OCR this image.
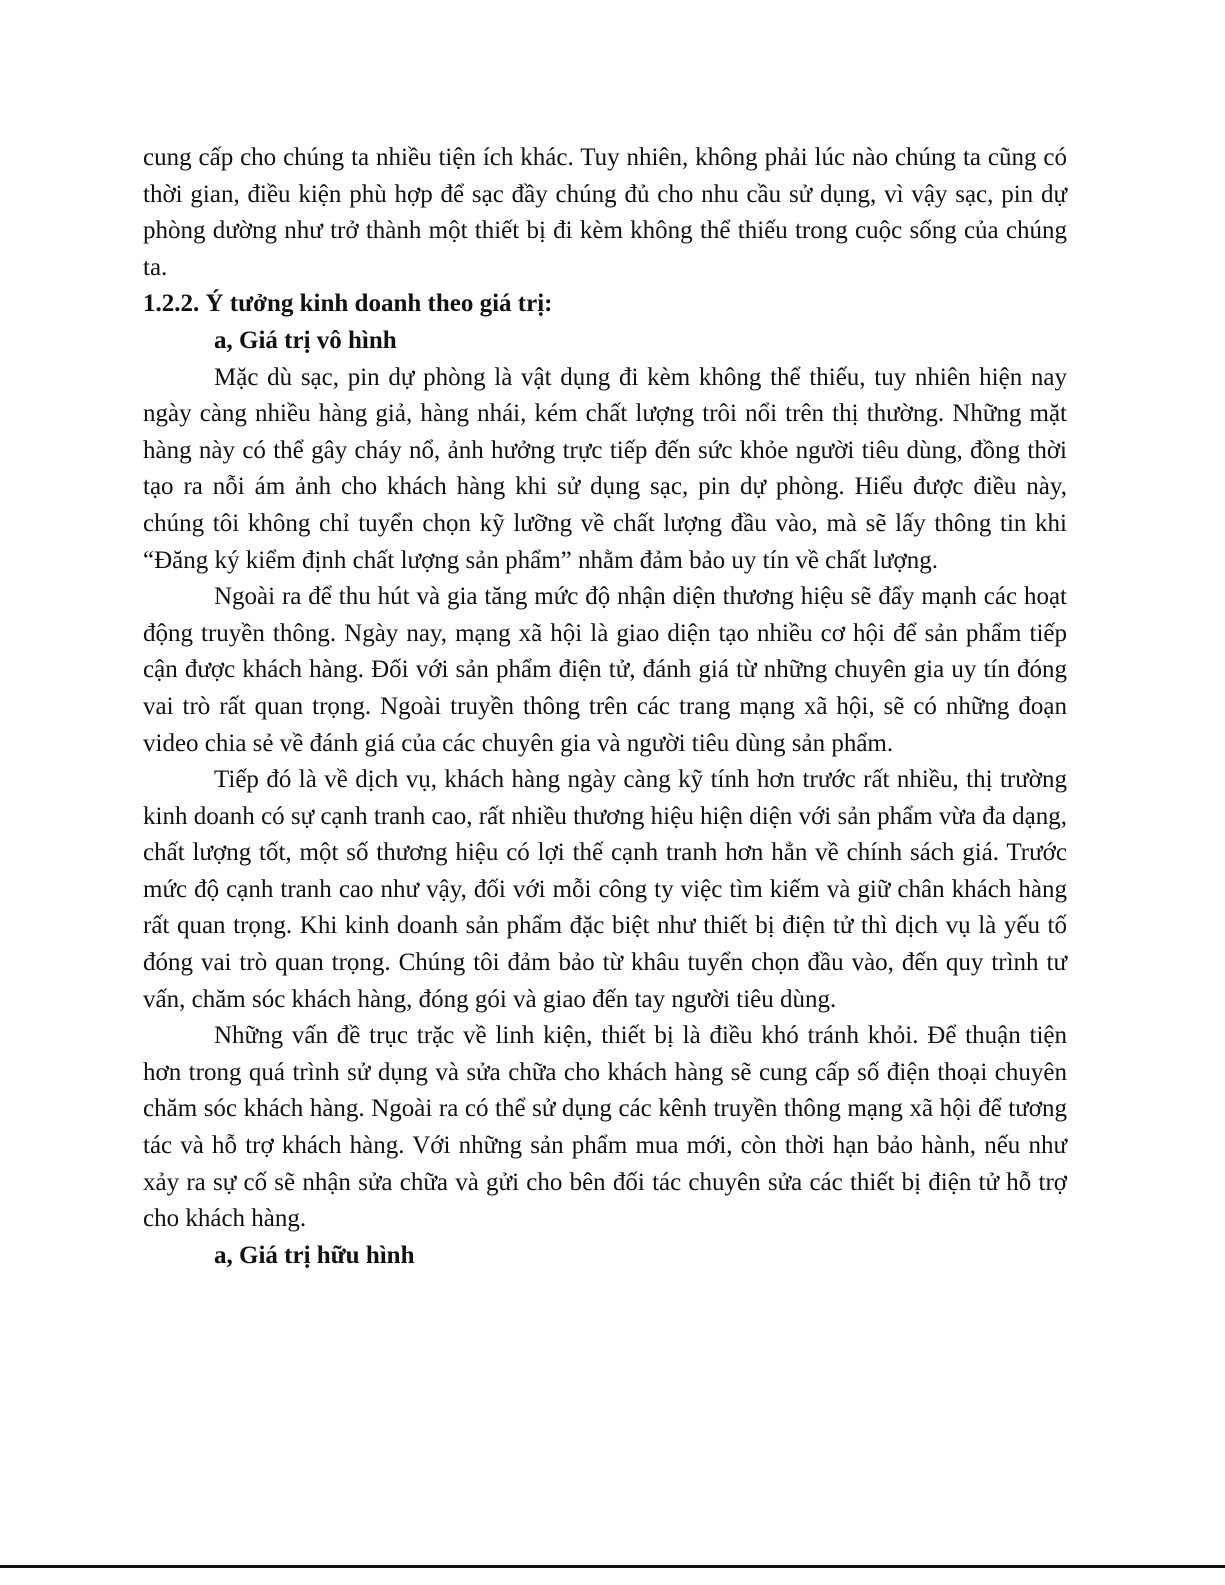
cung cấp cho chúng ta nhiều tiện ích khác. Tuy nhiên, không phải lúc nào chúng ta cũng có thời gian, điều kiện phù hợp để sạc đầy chúng đủ cho nhu cầu sử dụng, vì vậy sạc, pin dự phòng dường như trở thành một thiết bị đi kèm không thể thiếu trong cuộc sống của chúng ta.

1.2.2. Ý tưởng kinh doanh theo giá trị:

a, Giá trị vô hình

Mặc dù sạc, pin dự phòng là vật dụng đi kèm không thể thiếu, tuy nhiên hiện nay ngày càng nhiều hàng giả, hàng nhái, kém chất lượng trôi nổi trên thị thường. Những mặt hàng này có thể gây cháy nổ, ảnh hưởng trực tiếp đến sức khỏe người tiêu dùng, đồng thời tạo ra nỗi ám ảnh cho khách hàng khi sử dụng sạc, pin dự phòng. Hiểu được điều này, chúng tôi không chỉ tuyển chọn kỹ lưỡng về chất lượng đầu vào, mà sẽ lấy thông tin khi “Đăng ký kiểm định chất lượng sản phẩm” nhằm đảm bảo uy tín về chất lượng.

Ngoài ra để thu hút và gia tăng mức độ nhận diện thương hiệu sẽ đẩy mạnh các hoạt động truyền thông. Ngày nay, mạng xã hội là giao diện tạo nhiều cơ hội để sản phẩm tiếp cận được khách hàng. Đối với sản phẩm điện tử, đánh giá từ những chuyên gia uy tín đóng vai trò rất quan trọng. Ngoài truyền thông trên các trang mạng xã hội, sẽ có những đoạn video chia sẻ về đánh giá của các chuyên gia và người tiêu dùng sản phẩm.

Tiếp đó là về dịch vụ, khách hàng ngày càng kỹ tính hơn trước rất nhiều, thị trường kinh doanh có sự cạnh tranh cao, rất nhiều thương hiệu hiện diện với sản phẩm vừa đa dạng, chất lượng tốt, một số thương hiệu có lợi thế cạnh tranh hơn hẳn về chính sách giá. Trước mức độ cạnh tranh cao như vậy, đối với mỗi công ty việc tìm kiếm và giữ chân khách hàng rất quan trọng. Khi kinh doanh sản phẩm đặc biệt như thiết bị điện tử thì dịch vụ là yếu tố đóng vai trò quan trọng. Chúng tôi đảm bảo từ khâu tuyển chọn đầu vào, đến quy trình tư vấn, chăm sóc khách hàng, đóng gói và giao đến tay người tiêu dùng.

Những vấn đề trục trặc về linh kiện, thiết bị là điều khó tránh khỏi. Để thuận tiện hơn trong quá trình sử dụng và sửa chữa cho khách hàng sẽ cung cấp số điện thoại chuyên chăm sóc khách hàng. Ngoài ra có thể sử dụng các kênh truyền thông mạng xã hội để tương tác và hỗ trợ khách hàng. Với những sản phẩm mua mới, còn thời hạn bảo hành, nếu như xảy ra sự cố sẽ nhận sửa chữa và gửi cho bên đối tác chuyên sửa các thiết bị điện tử hỗ trợ cho khách hàng.

a, Giá trị hữu hình
